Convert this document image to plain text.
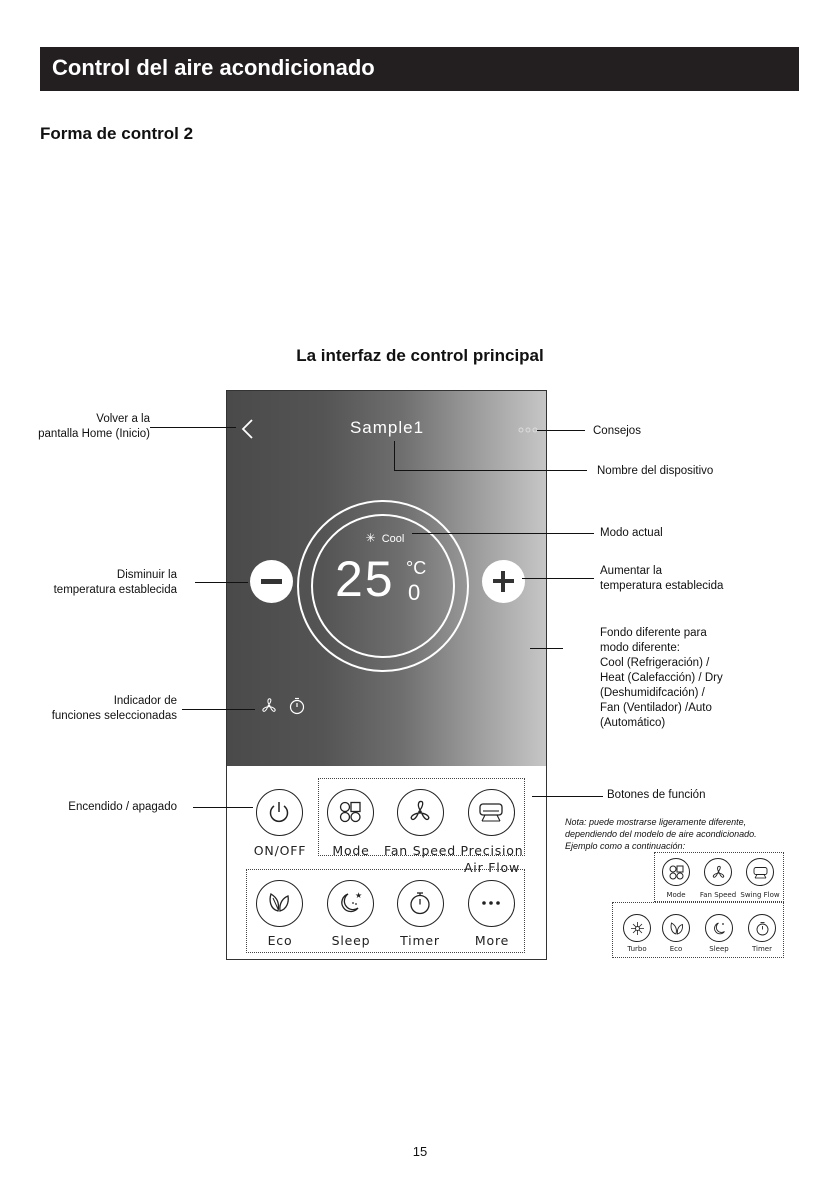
Control del aire acondicionado
Forma de control 2
La interfaz de control principal
Sample1
✳ Cool
25 °C
0
ON/OFF	Mode	Fan Speed Precision
Air Flow
Eco
★
Sleep	Timer	More
Volver a la
pantalla Home (Inicio)
Disminuir la
temperatura establecida
Indicador de
funciones seleccionadas
Encendido / apagado
Consejos
Nombre del dispositivo
Modo actual
Aumentar la
temperatura establecida
Fondo diferente para
modo diferente:
Cool (Refrigeración) /
Heat (Calefacción) / Dry
(Deshumidifcación) /
Fan (Ventilador) /Auto
(Automático)
Botones de función
Nota: puede mostrarse ligeramente diferente,
dependiendo del modelo de aire acondicionado.
Ejemplo como a continuación:
Mode	Fan Speed Swing Flow
Turbo	Eco	Sleep	Timer
15
